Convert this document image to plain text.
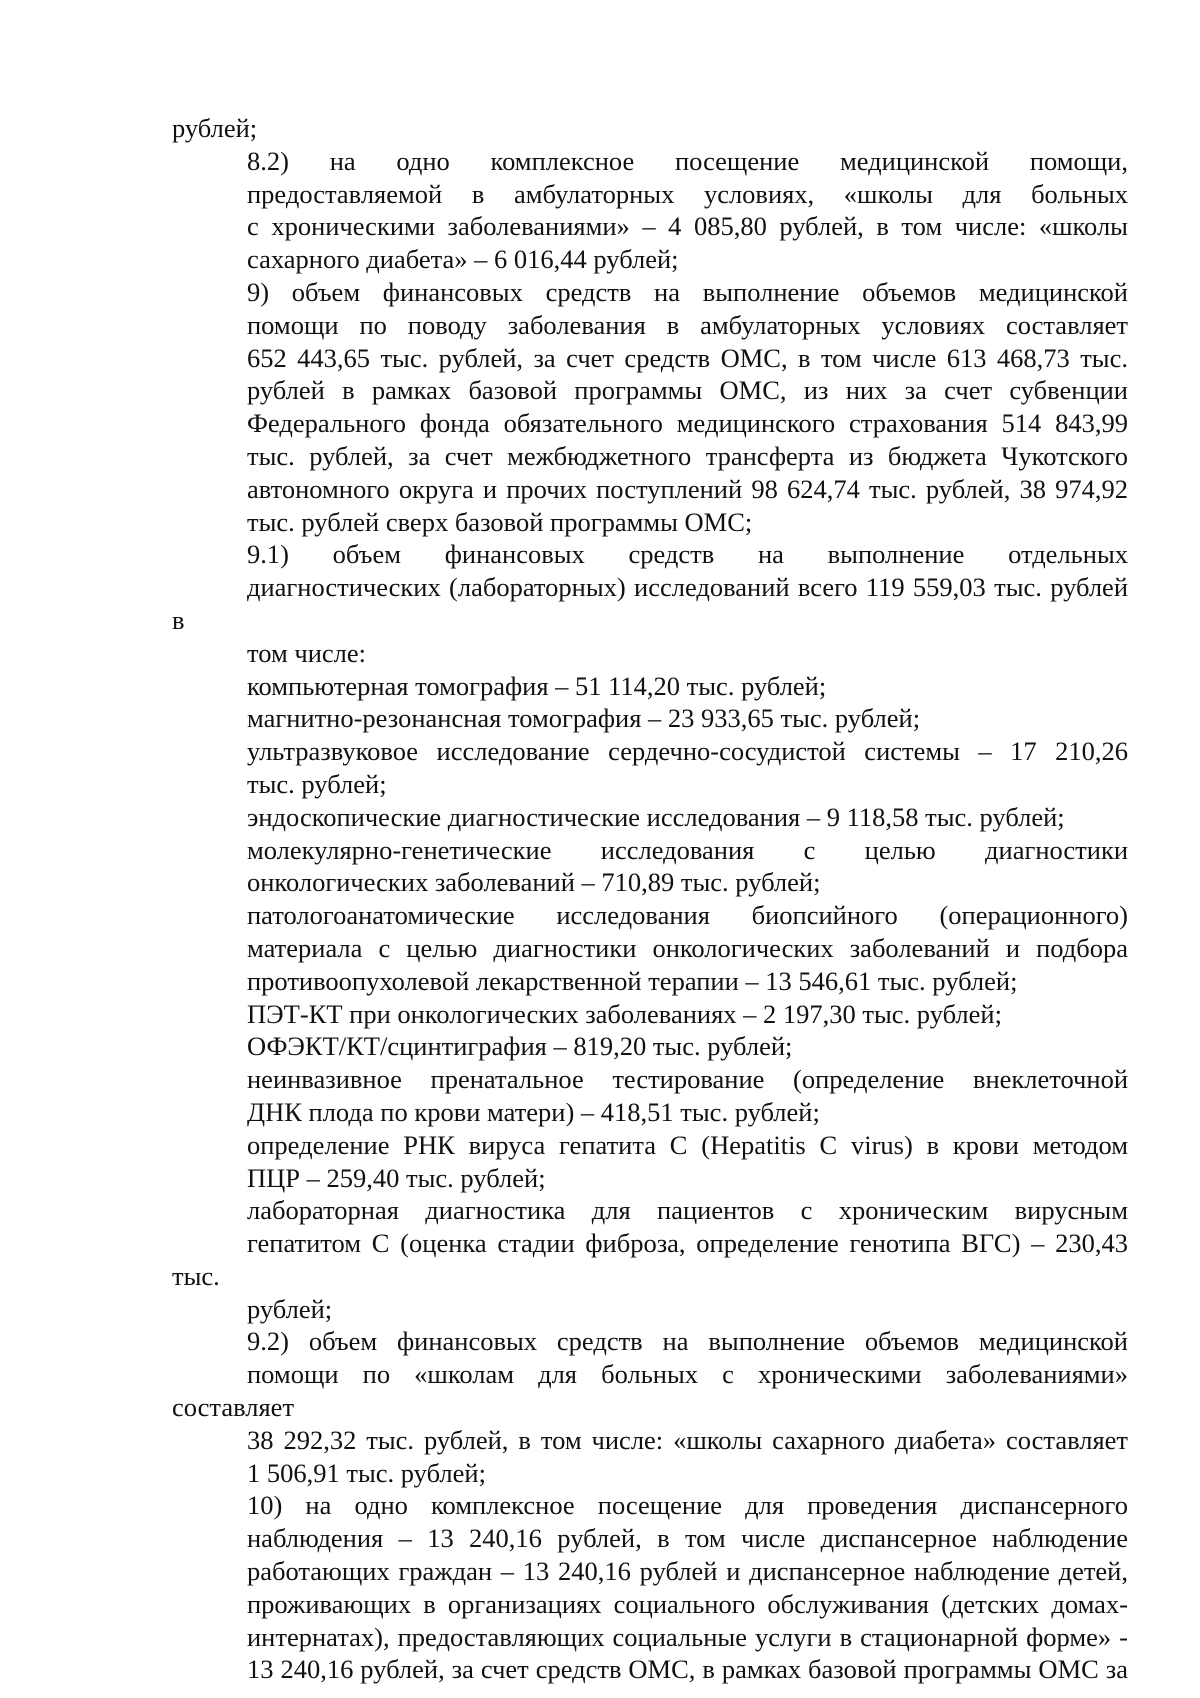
рублей;

8.2) на одно комплексное посещение медицинской помощи,
предоставляемой в амбулаторных условиях, «школы для больных
с хроническими заболеваниями» – 4 085,80 рублей, в том числе: «школы
сахарного диабета» – 6 016,44 рублей;

9) объем финансовых средств на выполнение объемов медицинской
помощи по поводу заболевания в амбулаторных условиях составляет
652 443,65 тыс. рублей, за счет средств ОМС, в том числе 613 468,73 тыс.
рублей в рамках базовой программы ОМС, из них за счет субвенции
Федерального фонда обязательного медицинского страхования 514 843,99
тыс. рублей, за счет межбюджетного трансферта из бюджета Чукотского
автономного округа и прочих поступлений 98 624,74 тыс. рублей, 38 974,92
тыс. рублей сверх базовой программы ОМС;

9.1) объем финансовых средств на выполнение отдельных
диагностических (лабораторных) исследований всего 119 559,03 тыс. рублей в
том числе:

компьютерная томография – 51 114,20 тыс. рублей;

магнитно-резонансная томография – 23 933,65 тыс. рублей;

ультразвуковое исследование сердечно-сосудистой системы – 17 210,26
тыс. рублей;

эндоскопические диагностические исследования – 9 118,58 тыс. рублей;

молекулярно-генетические исследования с целью диагностики
онкологических заболеваний – 710,89 тыс. рублей;

патологоанатомические исследования биопсийного (операционного)
материала с целью диагностики онкологических заболеваний и подбора
противоопухолевой лекарственной терапии – 13 546,61 тыс. рублей;

ПЭТ-КТ при онкологических заболеваниях – 2 197,30 тыс. рублей;

ОФЭКТ/КТ/сцинтиграфия – 819,20 тыс. рублей;

неинвазивное пренатальное тестирование (определение внеклеточной
ДНК плода по крови матери) – 418,51 тыс. рублей;

определение РНК вируса гепатита С (Hepatitis С virus) в крови методом
ПЦР – 259,40 тыс. рублей;

лабораторная диагностика для пациентов с хроническим вирусным
гепатитом С (оценка стадии фиброза, определение генотипа ВГС) – 230,43 тыс.
рублей;

9.2) объем финансовых средств на выполнение объемов медицинской
помощи по «школам для больных с хроническими заболеваниями» составляет
38 292,32 тыс. рублей, в том числе: «школы сахарного диабета» составляет
1 506,91 тыс. рублей;

10) на одно комплексное посещение для проведения диспансерного
наблюдения – 13 240,16 рублей, в том числе диспансерное наблюдение
работающих граждан – 13 240,16 рублей и диспансерное наблюдение детей,
проживающих в организациях социального обслуживания (детских домах-
интернатах), предоставляющих социальные услуги в стационарной форме» -
13 240,16 рублей, за счет средств ОМС, в рамках базовой программы ОМС за
